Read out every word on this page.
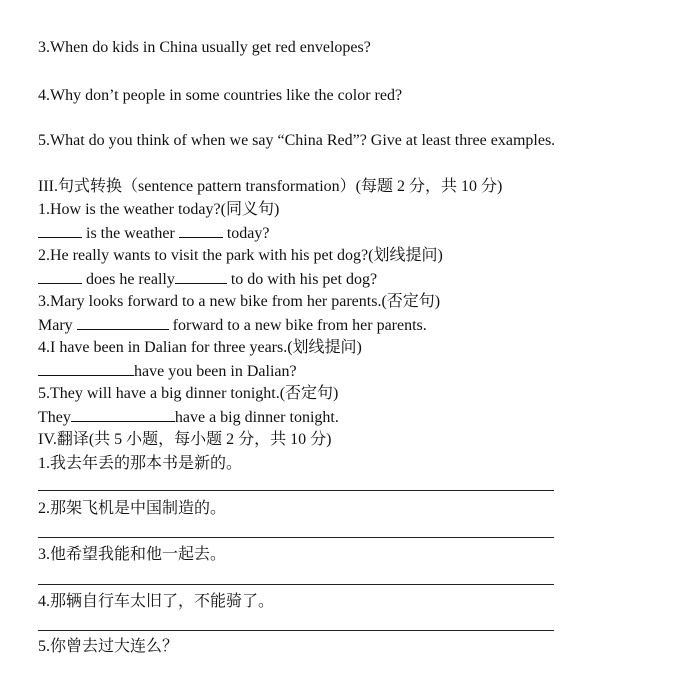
3.When do kids in China usually get red envelopes?
4.Why don’t people in some countries like the color red?
5.What do you think of when we say “China Red”? Give at least three examples.
III.句式转换（sentence pattern transformation）(每题 2 分，共 10 分)
1.How is the weather today?(同义句)
is the weather	today?
2.He really wants to visit the park with his pet dog?(划线提问)
does he really	to do with his pet dog?
3.Mary looks forward to a new bike from her parents.(否定句)
Mary	forward to a new bike from her parents.
4.I have been in Dalian for three years.(划线提问)
have you been in Dalian?
5.They will have a big dinner tonight.(否定句)
They	have a big dinner tonight.
IV.翻译(共 5 小题，每小题 2 分，共 10 分)
1.我去年丢的那本书是新的。
2.那架飞机是中国制造的。
3.他希望我能和他一起去。
4.那辆自行车太旧了，不能骑了。
5.你曾去过大连么？
